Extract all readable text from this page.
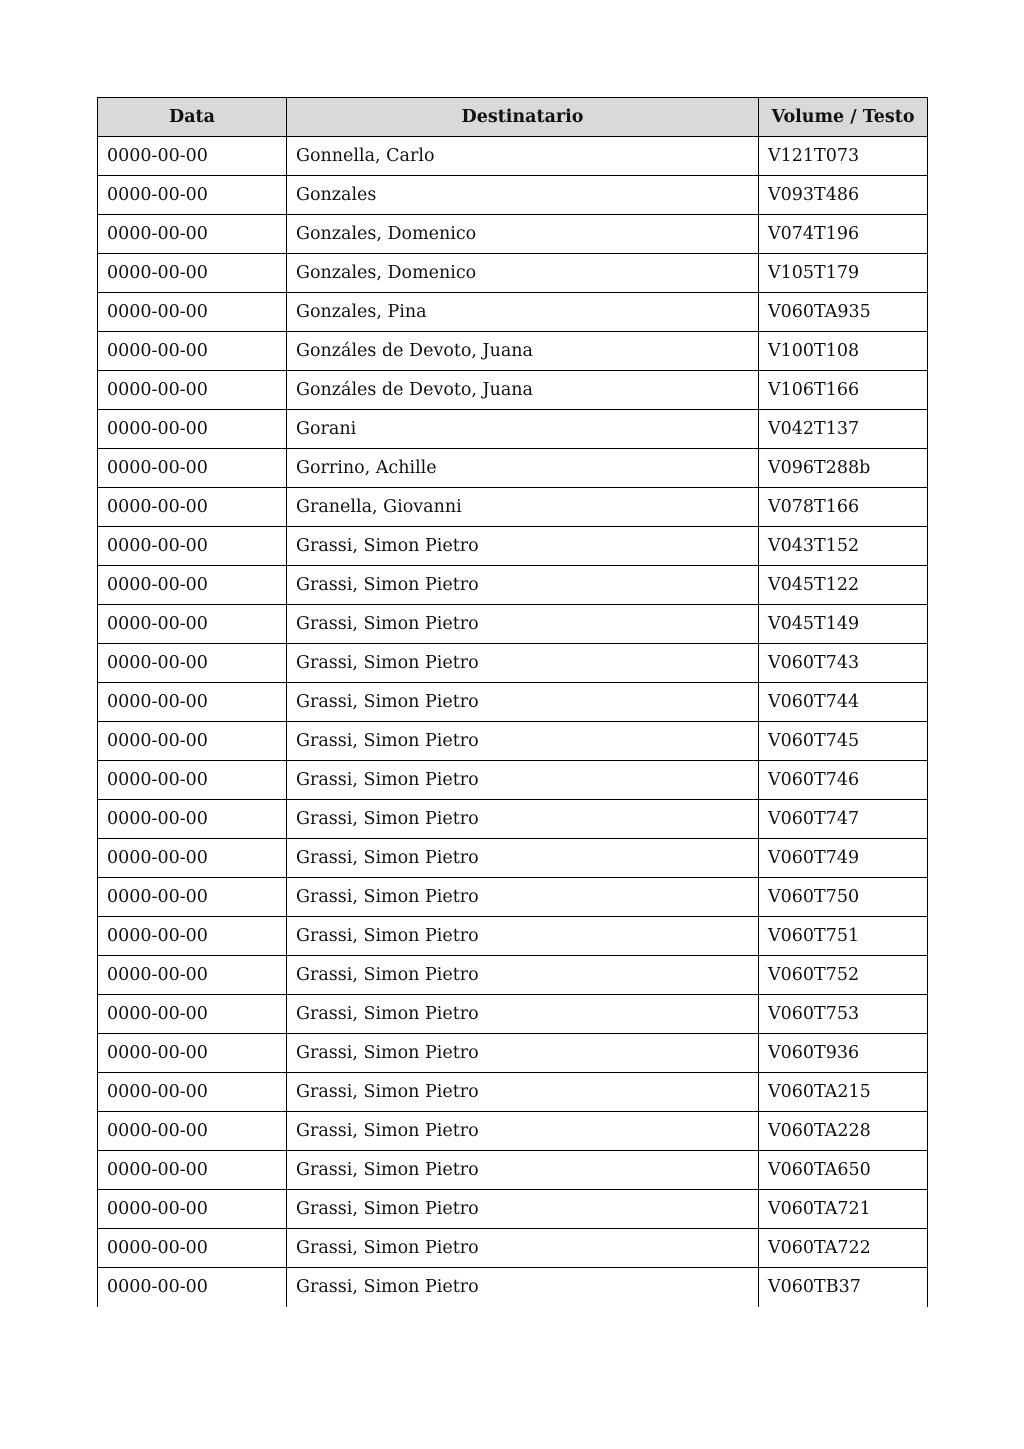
Data	Destinatario	Volume / Testo
0000-00-00	Gonnella, Carlo	V121T073
0000-00-00	Gonzales	V093T486
0000-00-00	Gonzales, Domenico	V074T196
0000-00-00	Gonzales, Domenico	V105T179
0000-00-00	Gonzales, Pina	V060TA935
0000-00-00	Gonzáles de Devoto, Juana	V100T108
0000-00-00	Gonzáles de Devoto, Juana	V106T166
0000-00-00	Gorani	V042T137
0000-00-00	Gorrino, Achille	V096T288b
0000-00-00	Granella, Giovanni	V078T166
0000-00-00	Grassi, Simon Pietro	V043T152
0000-00-00	Grassi, Simon Pietro	V045T122
0000-00-00	Grassi, Simon Pietro	V045T149
0000-00-00	Grassi, Simon Pietro	V060T743
0000-00-00	Grassi, Simon Pietro	V060T744
0000-00-00	Grassi, Simon Pietro	V060T745
0000-00-00	Grassi, Simon Pietro	V060T746
0000-00-00	Grassi, Simon Pietro	V060T747
0000-00-00	Grassi, Simon Pietro	V060T749
0000-00-00	Grassi, Simon Pietro	V060T750
0000-00-00	Grassi, Simon Pietro	V060T751
0000-00-00	Grassi, Simon Pietro	V060T752
0000-00-00	Grassi, Simon Pietro	V060T753
0000-00-00	Grassi, Simon Pietro	V060T936
0000-00-00	Grassi, Simon Pietro	V060TA215
0000-00-00	Grassi, Simon Pietro	V060TA228
0000-00-00	Grassi, Simon Pietro	V060TA650
0000-00-00	Grassi, Simon Pietro	V060TA721
0000-00-00	Grassi, Simon Pietro	V060TA722
0000-00-00	Grassi, Simon Pietro	V060TB37
